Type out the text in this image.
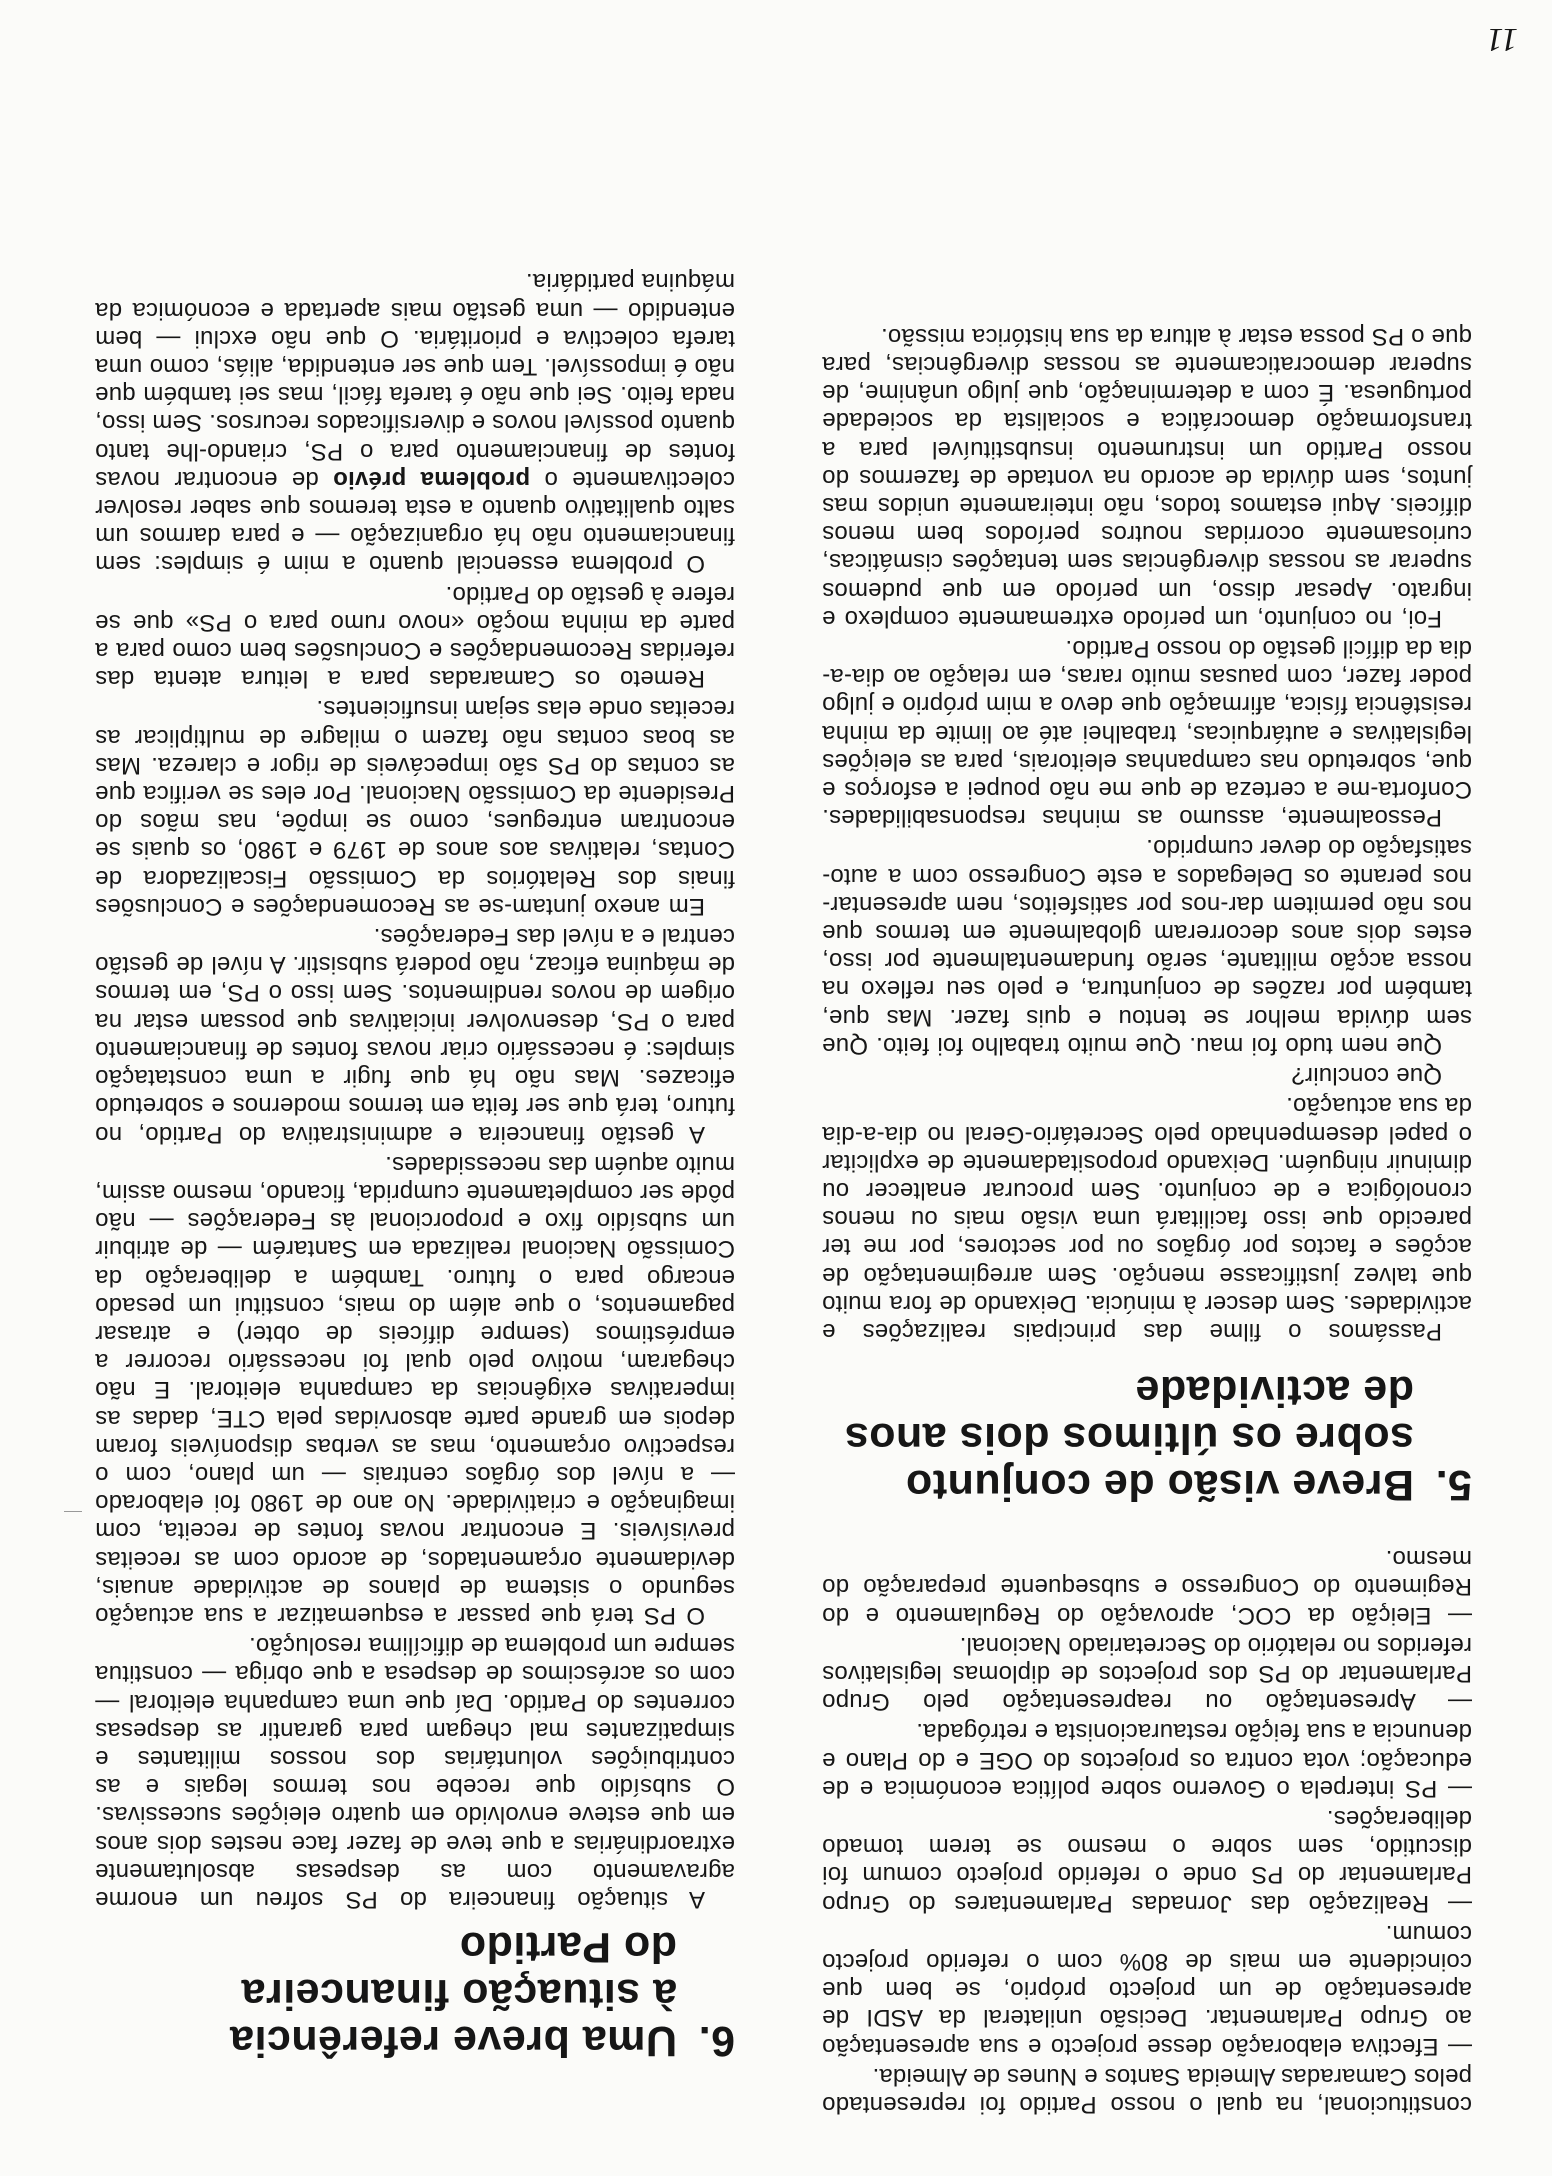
11

constitucional, na qual o nosso Partido foi representado pelos Camaradas Almeida Santos e Nunes de Almeida.

— Efectiva elaboração desse projecto e sua apresentação ao Grupo Parlamentar. Decisão unilateral da ASDI de apresentação de um projecto próprio, se bem que coincidente em mais de 80% com o referido projecto comum.

— Realização das Jornadas Parlamentares do Grupo Parlamentar do PS onde o referido projecto comum foi discutido, sem sobre o mesmo se terem tomado deliberações.

— PS interpela o Governo sobre política económica e de educação; vota contra os projectos do OGE e do Plano e denuncia a sua feição restauracionista e retrógada.

— Apresentação ou reapresentação pelo Grupo Parlamentar do PS dos projectos de diplomas legislativos referidos no relatório do Secretariado Nacional.

— Eleição da COC, aprovação do Regulamento e do Regimento do Congresso e subsequente preparação do mesmo.

5.Breve visão de conjunto
sobre os últimos dois anos
de actividade

Passámos o filme das principais realizações e actividades. Sem descer à minúcia. Deixando de fora muito que talvez justificasse menção. Sem arregimentação de acções e factos por órgãos ou por sectores, por me ter parecido que isso facilitará uma visão mais ou menos cronológica e de conjunto. Sem procurar enaltecer ou diminuir ninguém. Deixando propositadamente de explicitar o papel desempenhado pelo Secretário-Geral no dia-a-dia da sua actuação.

Que concluir?

Que nem tudo foi mau. Que muito trabalho foi feito. Que sem dúvida melhor se tentou e quis fazer. Mas que, também por razões de conjuntura, e pelo seu reflexo na nossa acção militante, serão fundamentalmente por isso, estes dois anos decorreram globalmente em termos que nos não permitem dar-nos por satisfeitos, nem apresentar-nos perante os Delegados a este Congresso com a auto-satisfação do dever cumprido.

Pessoalmente, assumo as minhas responsabilidades. Conforta-me a certeza de que me não poupei a esforços e que, sobretudo nas campanhas eleitorais, para as eleições legislativas e autárquicas, trabalhei até ao limite da minha resistência física, afirmação que devo a mim próprio e julgo poder fazer, com pausas muito raras, em relação ao dia-a-dia da difícil gestão do nosso Partido.

Foi, no conjunto, um período extremamente complexo e ingrato. Apesar disso, um período em que pudemos superar as nossas divergências sem tentações cismáticas, curiosamente ocorridas noutros períodos bem menos difíceis. Aqui estamos todos, não inteiramente unidos mas juntos, sem dúvida de acordo na vontade de fazermos do nosso Partido um instrumento insubstituível para a transformação democrática e socialista da sociedade portuguesa. É com a determinação, que julgo unânime, de superar democraticamente as nossas divergências, para que o PS possa estar à altura da sua histórica missão.

6.Uma breve referência
à situação financeira
do Partido

A situação financeira do PS sofreu um enorme agravamento com as despesas absolutamente extraordinárias a que teve de fazer face nestes dois anos em que esteve envolvido em quatro eleições sucessivas. O subsídio que recebe nos termos legais e as contribuições voluntárias dos nossos militantes e simpatizantes mal chegam para garantir as despesas correntes do Partido. Daí que uma campanha eleitoral — com os acréscimos de despesa a que obriga — constitua sempre um problema de dificílima resolução.

O PS terá que passar a esquematizar a sua actuação segundo o sistema de planos de actividade anuais, devidamente orçamentados, de acordo com as receitas previsíveis. E encontrar novas fontes de receita, com imaginação e criatividade. No ano de 1980 foi elaborado — a nível dos órgãos centrais — um plano, com o respectivo orçamento, mas as verbas disponíveis foram depois em grande parte absorvidas pela CTE, dadas as imperativas exigências da campanha eleitoral. E não chegaram, motivo pelo qual foi necessário recorrer a empréstimos (sempre difíceis de obter) e atrasar pagamentos, o que além do mais, constitui um pesado encargo para o futuro. Também a deliberação da Comissão Nacional realizada em Santarém — de atribuir um subsídio fixo e proporcional às Federações — não pôde ser completamente cumprida, ficando, mesmo assim, muito aquém das necessidades.

A gestão financeira e administrativa do Partido, no futuro, terá que ser feita em termos modernos e sobretudo eficazes. Mas não há que fugir a uma constatação simples: é necessário criar novas fontes de financiamento para o PS, desenvolver iniciativas que possam estar na origem de novos rendimentos. Sem isso o PS, em termos de máquina eficaz, não poderá subsistir. A nível de gestão central e a nível das Federações.

Em anexo juntam-se as Recomendações e Conclusões finais dos Relatórios da Comissão Fiscalizadora de Contas, relativas aos anos de 1979 e 1980, os quais se encontram entregues, como se impõe, nas mãos do Presidente da Comissão Nacional. Por eles se verifica que as contas do PS são impecáveis de rigor e clareza. Mas as boas contas não fazem o milagre de multiplicar as receitas onde elas sejam insuficientes.

Remeto os Camaradas para a leitura atenta das referidas Recomendações e Conclusões bem como para a parte da minha moção «novo rumo para o PS» que se refere à gestão do Partido.

O problema essencial quanto a mim é simples: sem financiamento não há organização — e para darmos um salto qualitativo quanto a esta teremos que saber resolver colectivamente o problema prévio de encontrar novas fontes de financiamento para o PS, criando-lhe tanto quanto possível novos e diversificados recursos. Sem isso, nada feito. Sei que não é tarefa fácil, mas sei também que não é impossível. Tem que ser entendida, aliás, como uma tarefa colectiva e prioritária. O que não exclui — bem entendido — uma gestão mais apertada e económica da máquina partidária.
